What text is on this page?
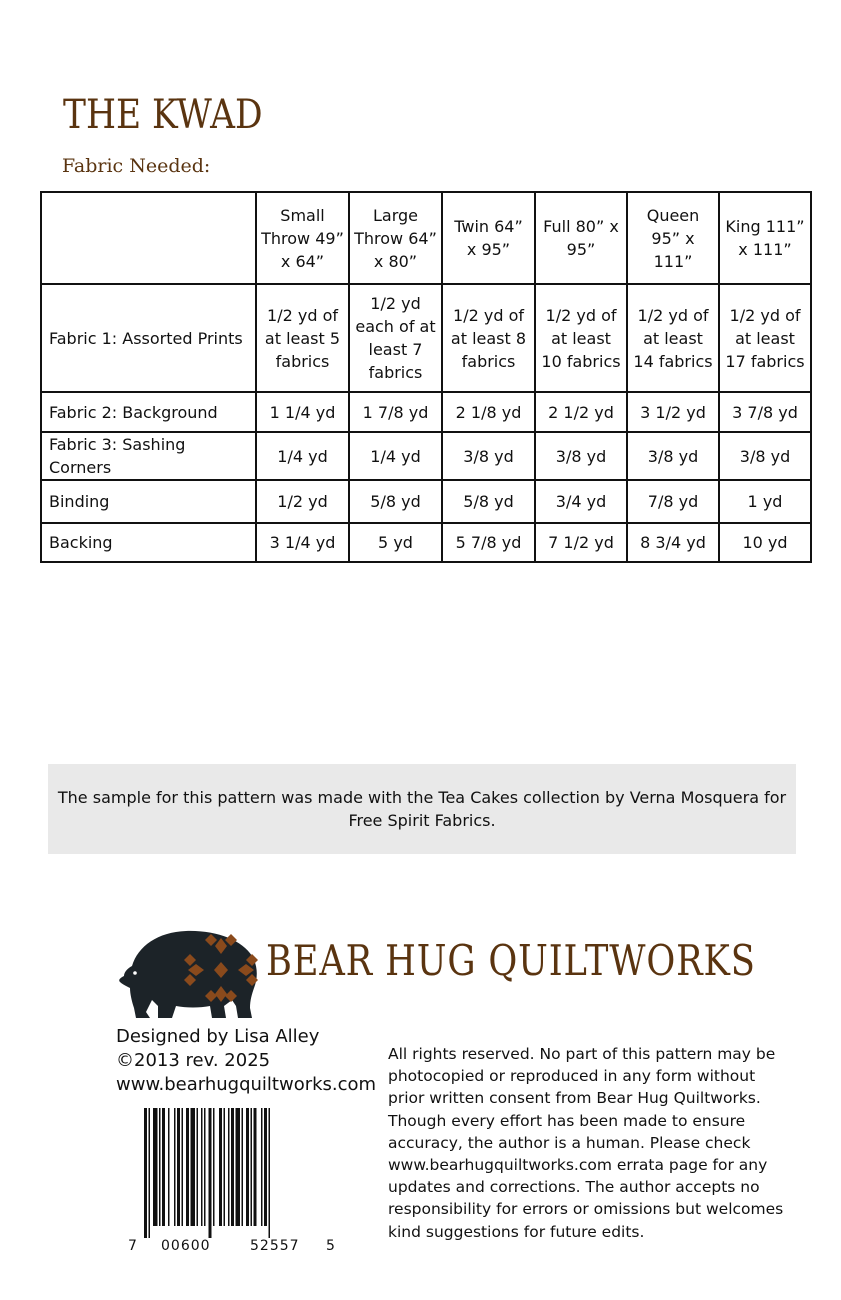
THE KWAD
Fabric Needed:
	Small Throw 49” x 64”	Large Throw 64” x 80”	Twin 64” x 95”	Full 80” x 95”	Queen 95” x 111”	King 111” x 111”
Fabric 1: Assorted Prints	1/2 yd of at least 5 fabrics	1/2 yd each of at least 7 fabrics	1/2 yd of at least 8 fabrics	1/2 yd of at least 10 fabrics	1/2 yd of at least 14 fabrics	1/2 yd of at least 17 fabrics
Fabric 2: Background	1 1/4 yd	1 7/8 yd	2 1/8 yd	2 1/2 yd	3 1/2 yd	3 7/8 yd
Fabric 3: Sashing Corners	1/4 yd	1/4 yd	3/8 yd	3/8 yd	3/8 yd	3/8 yd
Binding	1/2 yd	5/8 yd	5/8 yd	3/4 yd	7/8 yd	1 yd
Backing	3 1/4 yd	5 yd	5 7/8 yd	7 1/2 yd	8 3/4 yd	10 yd
The sample for this pattern was made with the Tea Cakes collection by Verna Mosquera for Free Spirit Fabrics.
BEAR HUG QUILTWORKS
Designed by Lisa Alley
©2013 rev. 2025
www.bearhugquiltworks.com
All rights reserved. No part of this pattern may be photocopied or reproduced in any form without prior written consent from Bear Hug Quiltworks. Though every effort has been made to ensure accuracy, the author is a human. Please check www.bearhugquiltworks.com errata page for any updates and corrections. The author accepts no responsibility for errors or omissions but welcomes kind suggestions for future edits.
7 00600	52557 5
